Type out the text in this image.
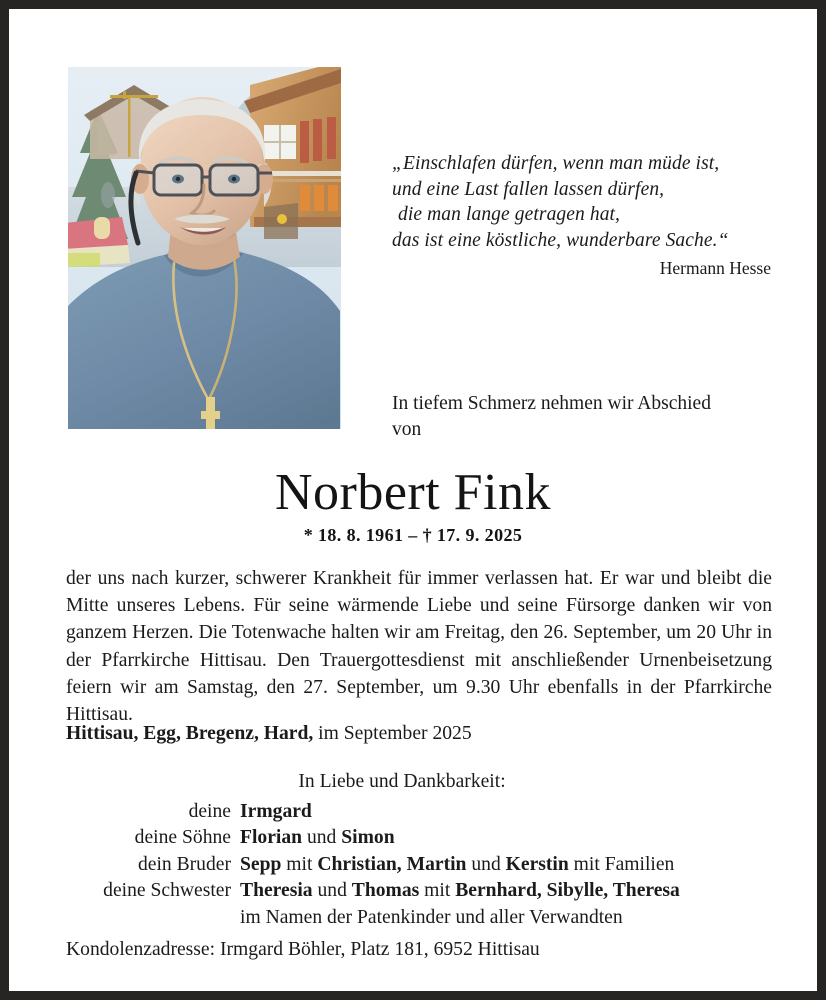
„Einschlafen dürfen, wenn man müde ist,
und eine Last fallen lassen dürfen,
die man lange getragen hat,
das ist eine köstliche, wunderbare Sache.“
Hermann Hesse
In tiefem Schmerz nehmen wir Abschied
von
Norbert Fink
* 18. 8. 1961 – † 17. 9. 2025
der uns nach kurzer, schwerer Krankheit für immer verlassen hat. Er war und bleibt die Mitte unseres Lebens. Für seine wärmende Liebe und seine Fürsorge danken wir von ganzem Herzen. Die Totenwache halten wir am Freitag, den 26. September, um 20 Uhr in der Pfarrkirche Hittisau. Den Trauergottesdienst mit anschließender Urnenbeisetzung feiern wir am Samstag, den 27. September, um 9.30 Uhr ebenfalls in der Pfarrkirche Hittisau.
Hittisau, Egg, Bregenz, Hard, im September 2025
In Liebe und Dankbarkeit:
deine Irmgard
deine Söhne Florian und Simon
dein Bruder Sepp mit Christian, Martin und Kerstin mit Familien
deine Schwester Theresia und Thomas mit Bernhard, Sibylle, Theresa
im Namen der Patenkinder und aller Verwandten
Kondolenzadresse: Irmgard Böhler, Platz 181, 6952 Hittisau
